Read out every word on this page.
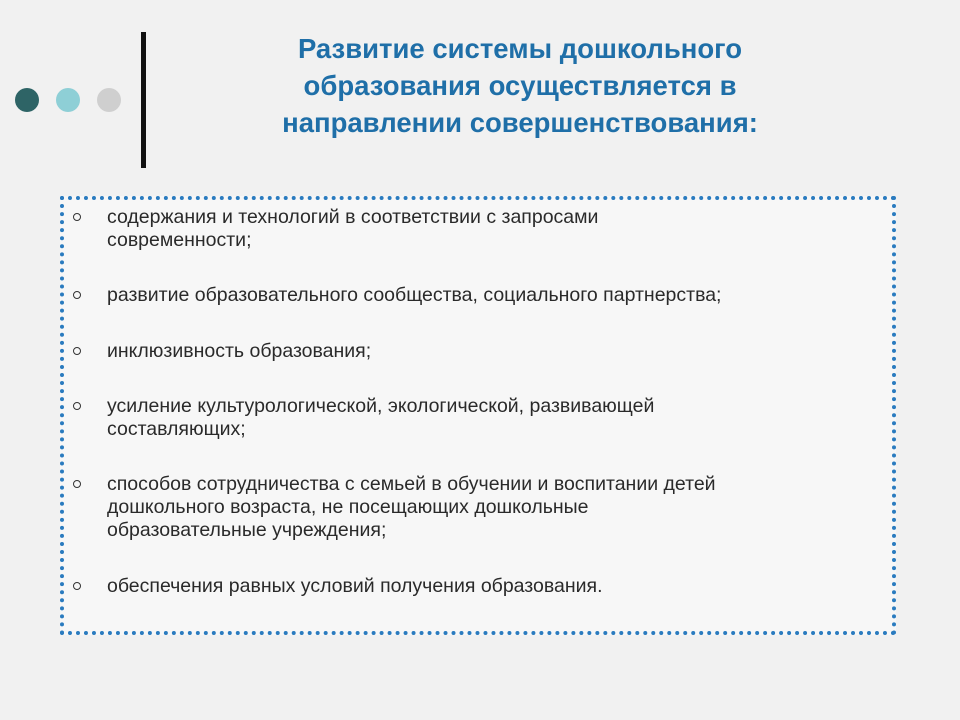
Развитие системы дошкольного
образования осуществляется в
направлении совершенствования:
содержания и технологий в соответствии с запросами
современности;
развитие образовательного сообщества, социального партнерства;
инклюзивность образования;
усиление культурологической, экологической, развивающей
составляющих;
способов сотрудничества с семьей в обучении и воспитании детей
дошкольного возраста, не посещающих дошкольные
образовательные учреждения;
обеспечения равных условий получения образования.
